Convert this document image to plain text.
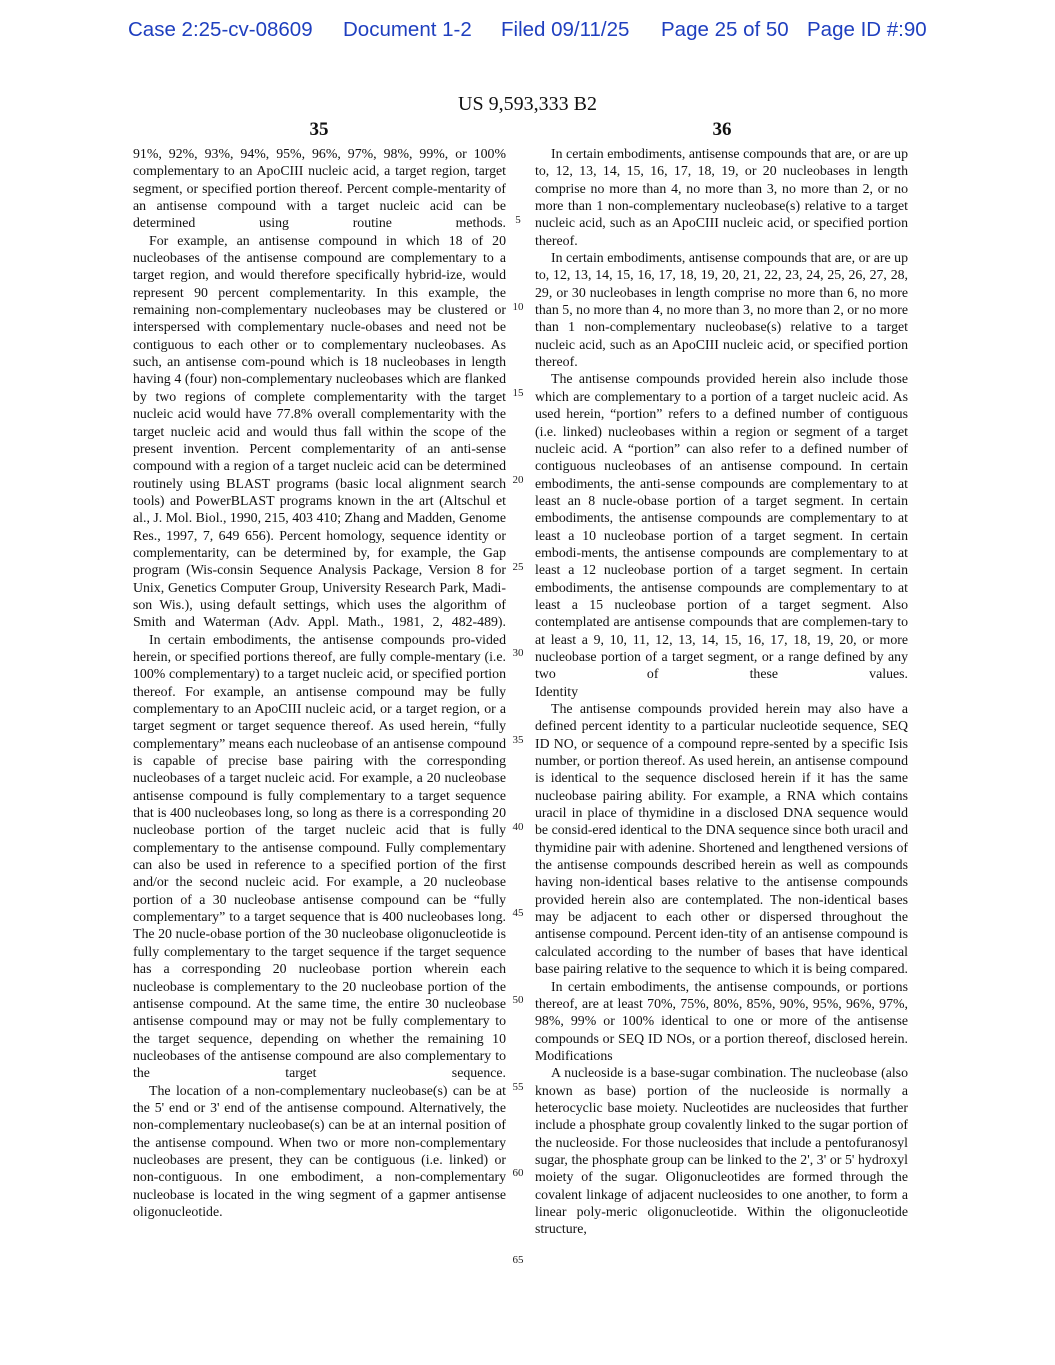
Case 2:25-cv-08609 Document 1-2 Filed 09/11/25 Page 25 of 50 Page ID #:90
US 9,593,333 B2
35	36

91%, 92%, 93%, 94%, 95%, 96%, 97%, 98%, 99%, or 100% complementary to an ApoCIII nucleic acid, a target region, target segment, or specified portion thereof. Percent comple-mentarity of an antisense compound with a target nucleic acid can be determined using routine methods.

For example, an antisense compound in which 18 of 20 nucleobases of the antisense compound are complementary to a target region, and would therefore specifically hybrid-ize, would represent 90 percent complementarity. In this example, the remaining non-complementary nucleobases may be clustered or interspersed with complementary nucle-obases and need not be contiguous to each other or to complementary nucleobases. As such, an antisense com-pound which is 18 nucleobases in length having 4 (four) non-complementary nucleobases which are flanked by two regions of complete complementarity with the target nucleic acid would have 77.8% overall complementarity with the target nucleic acid and would thus fall within the scope of the present invention. Percent complementarity of an anti-sense compound with a region of a target nucleic acid can be determined routinely using BLAST programs (basic local alignment search tools) and PowerBLAST programs known in the art (Altschul et al., J. Mol. Biol., 1990, 215, 403 410; Zhang and Madden, Genome Res., 1997, 7, 649 656). Percent homology, sequence identity or complementarity, can be determined by, for example, the Gap program (Wis-consin Sequence Analysis Package, Version 8 for Unix, Genetics Computer Group, University Research Park, Madi-son Wis.), using default settings, which uses the algorithm of Smith and Waterman (Adv. Appl. Math., 1981, 2, 482-489).

In certain embodiments, the antisense compounds pro-vided herein, or specified portions thereof, are fully comple-mentary (i.e. 100% complementary) to a target nucleic acid, or specified portion thereof. For example, an antisense compound may be fully complementary to an ApoCIII nucleic acid, or a target region, or a target segment or target sequence thereof. As used herein, “fully complementary” means each nucleobase of an antisense compound is capable of precise base pairing with the corresponding nucleobases of a target nucleic acid. For example, a 20 nucleobase antisense compound is fully complementary to a target sequence that is 400 nucleobases long, so long as there is a corresponding 20 nucleobase portion of the target nucleic acid that is fully complementary to the antisense compound. Fully complementary can also be used in reference to a specified portion of the first and/or the second nucleic acid. For example, a 20 nucleobase portion of a 30 nucleobase antisense compound can be “fully complementary” to a target sequence that is 400 nucleobases long. The 20 nucle-obase portion of the 30 nucleobase oligonucleotide is fully complementary to the target sequence if the target sequence has a corresponding 20 nucleobase portion wherein each nucleobase is complementary to the 20 nucleobase portion of the antisense compound. At the same time, the entire 30 nucleobase antisense compound may or may not be fully complementary to the target sequence, depending on whether the remaining 10 nucleobases of the antisense compound are also complementary to the target sequence.

The location of a non-complementary nucleobase(s) can be at the 5' end or 3' end of the antisense compound. Alternatively, the non-complementary nucleobase(s) can be at an internal position of the antisense compound. When two or more non-complementary nucleobases are present, they can be contiguous (i.e. linked) or non-contiguous. In one embodiment, a non-complementary nucleobase is located in the wing segment of a gapmer antisense oligonucleotide.

In certain embodiments, antisense compounds that are, or are up to, 12, 13, 14, 15, 16, 17, 18, 19, or 20 nucleobases in length comprise no more than 4, no more than 3, no more than 2, or no more than 1 non-complementary nucleobase(s) relative to a target nucleic acid, such as an ApoCIII nucleic acid, or specified portion thereof.

In certain embodiments, antisense compounds that are, or are up to, 12, 13, 14, 15, 16, 17, 18, 19, 20, 21, 22, 23, 24, 25, 26, 27, 28, 29, or 30 nucleobases in length comprise no more than 6, no more than 5, no more than 4, no more than 3, no more than 2, or no more than 1 non-complementary nucleobase(s) relative to a target nucleic acid, such as an ApoCIII nucleic acid, or specified portion thereof.

The antisense compounds provided herein also include those which are complementary to a portion of a target nucleic acid. As used herein, “portion” refers to a defined number of contiguous (i.e. linked) nucleobases within a region or segment of a target nucleic acid. A “portion” can also refer to a defined number of contiguous nucleobases of an antisense compound. In certain embodiments, the anti-sense compounds are complementary to at least an 8 nucle-obase portion of a target segment. In certain embodiments, the antisense compounds are complementary to at least a 10 nucleobase portion of a target segment. In certain embodi-ments, the antisense compounds are complementary to at least a 12 nucleobase portion of a target segment. In certain embodiments, the antisense compounds are complementary to at least a 15 nucleobase portion of a target segment. Also contemplated are antisense compounds that are complemen-tary to at least a 9, 10, 11, 12, 13, 14, 15, 16, 17, 18, 19, 20, or more nucleobase portion of a target segment, or a range defined by any two of these values.

Identity

The antisense compounds provided herein may also have a defined percent identity to a particular nucleotide sequence, SEQ ID NO, or sequence of a compound repre-sented by a specific Isis number, or portion thereof. As used herein, an antisense compound is identical to the sequence disclosed herein if it has the same nucleobase pairing ability. For example, a RNA which contains uracil in place of thymidine in a disclosed DNA sequence would be consid-ered identical to the DNA sequence since both uracil and thymidine pair with adenine. Shortened and lengthened versions of the antisense compounds described herein as well as compounds having non-identical bases relative to the antisense compounds provided herein also are contemplated. The non-identical bases may be adjacent to each other or dispersed throughout the antisense compound. Percent iden-tity of an antisense compound is calculated according to the number of bases that have identical base pairing relative to the sequence to which it is being compared.

In certain embodiments, the antisense compounds, or portions thereof, are at least 70%, 75%, 80%, 85%, 90%, 95%, 96%, 97%, 98%, 99% or 100% identical to one or more of the antisense compounds or SEQ ID NOs, or a portion thereof, disclosed herein.

Modifications

A nucleoside is a base-sugar combination. The nucleobase (also known as base) portion of the nucleoside is normally a heterocyclic base moiety. Nucleotides are nucleosides that further include a phosphate group covalently linked to the sugar portion of the nucleoside. For those nucleosides that include a pentofuranosyl sugar, the phosphate group can be linked to the 2', 3' or 5' hydroxyl moiety of the sugar. Oligonucleotides are formed through the covalent linkage of adjacent nucleosides to one another, to form a linear poly-meric oligonucleotide. Within the oligonucleotide structure,

5
10
15
20
25
30
35
40
45
50
55
60
65
